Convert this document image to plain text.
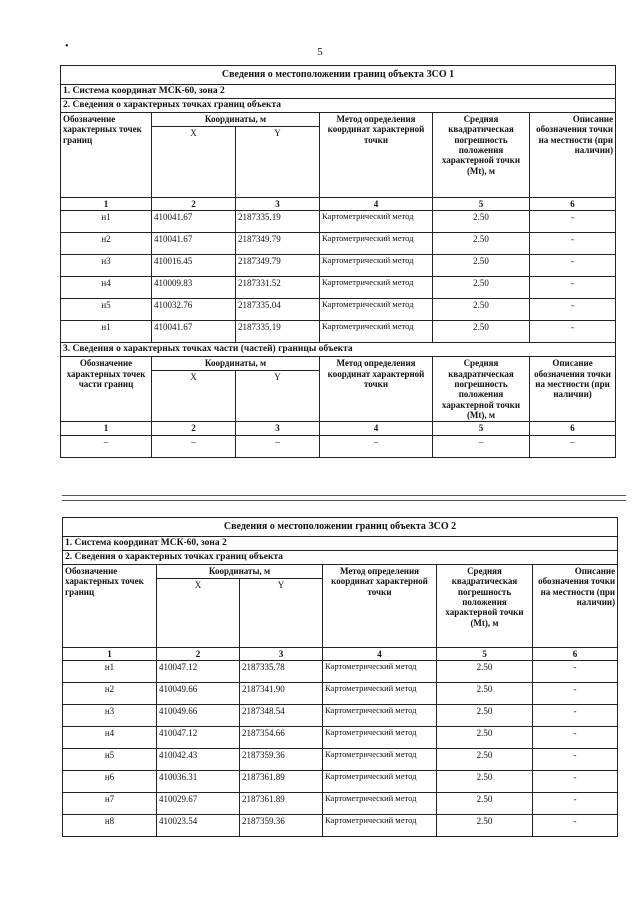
•	5
Сведения о местоположении границ объекта ЗСО 1					
1. Система координат МСК-60, зона 2					
2. Сведения о характерных точках границ объекта					
Обозначение характерных точек границ	Координаты, м		Метод определения координат характерной точки	Средняя квадратическая погрешность положения характерной точки (Mt), м	Описание обозначения точки на местности (при наличии)
	X	Y			
1	2	3	4	5	6
н1	410041.67	2187335.19	Картометрический метод	2.50	-
н2	410041.67	2187349.79	Картометрический метод	2.50	-
н3	410016.45	2187349.79	Картометрический метод	2.50	-
н4	410009.83	2187331.52	Картометрический метод	2.50	-
н5	410032.76	2187335.04	Картометрический метод	2.50	-
н1	410041.67	2187335.19	Картометрический метод	2.50	-
3. Сведения о характерных точках части (частей) границы объекта					
Обозначение характерных точек части границ	Координаты, м		Метод определения координат характерной точки	Средняя квадратическая погрешность положения характерной точки (Mt), м	Описание обозначения точки на местности (при наличии)
	X	Y			
1	2	3	4	5	6
–	–	–	–	–	–
Сведения о местоположении границ объекта ЗСО 2					
1. Система координат МСК-60, зона 2					
2. Сведения о характерных точках границ объекта					
Обозначение характерных точек границ	Координаты, м		Метод определения координат характерной точки	Средняя квадратическая погрешность положения характерной точки (Mt), м	Описание обозначения точки на местности (при наличии)
	X	Y			
1	2	3	4	5	6
н1	410047.12	2187335.78	Картометрический метод	2.50	-
н2	410049.66	2187341.90	Картометрический метод	2.50	-
н3	410049.66	2187348.54	Картометрический метод	2.50	-
н4	410047.12	2187354.66	Картометрический метод	2.50	-
н5	410042.43	2187359.36	Картометрический метод	2.50	-
н6	410036.31	2187361.89	Картометрический метод	2.50	-
н7	410029.67	2187361.89	Картометрический метод	2.50	-
н8	410023.54	2187359.36	Картометрический метод	2.50	-
